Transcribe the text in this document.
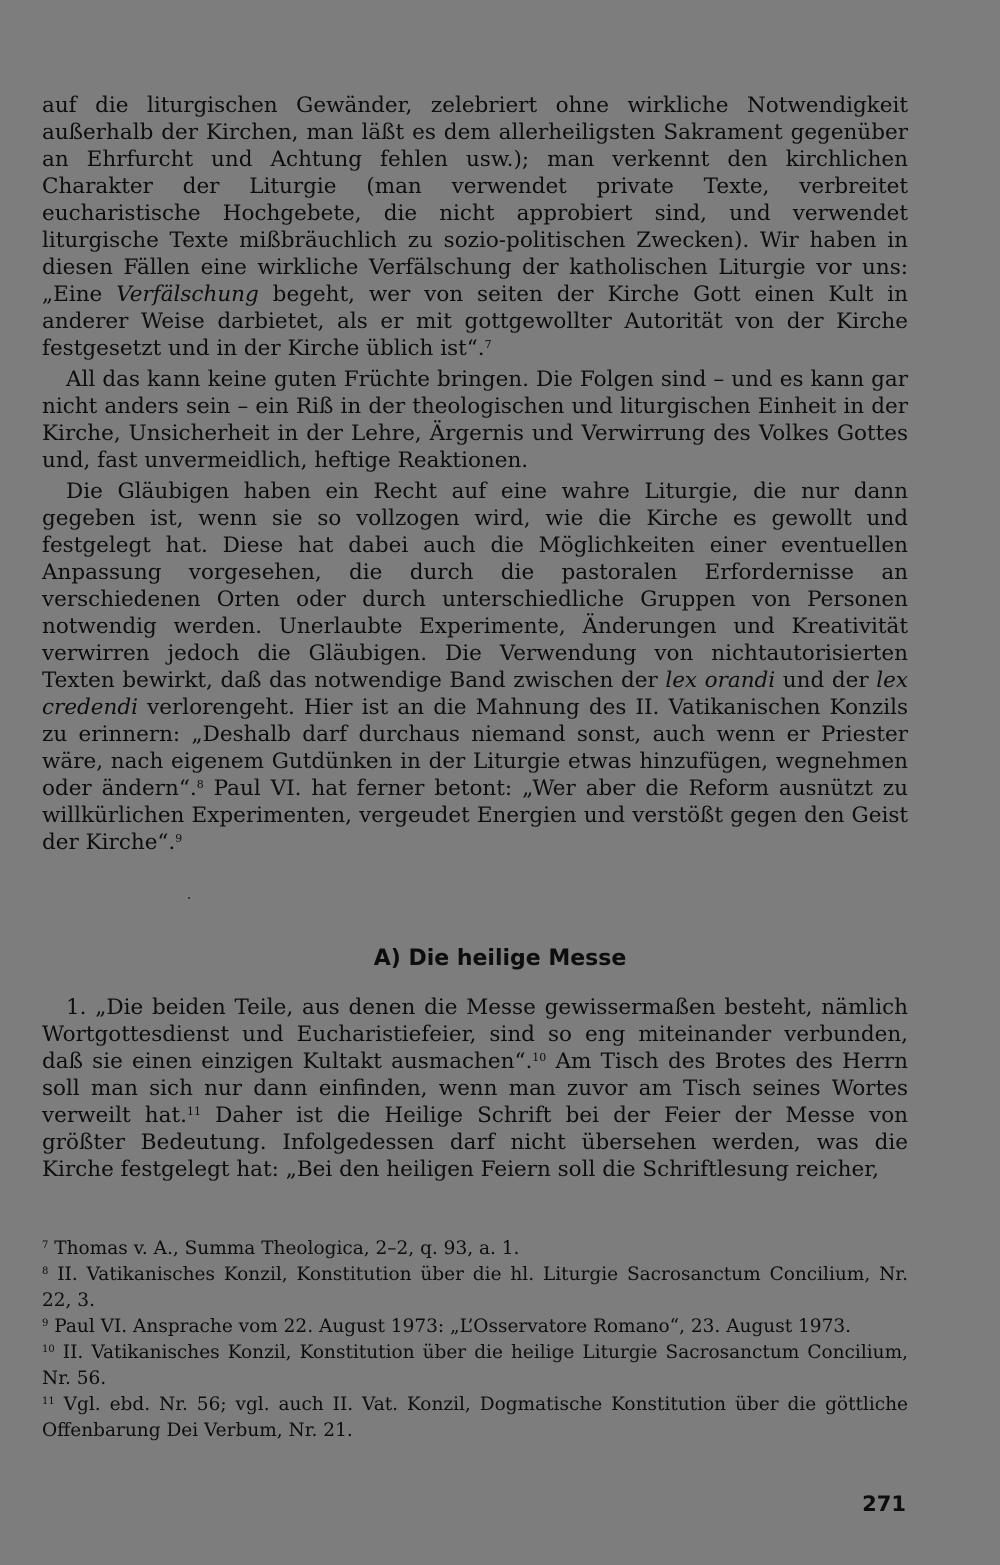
auf die liturgischen Gewänder, zelebriert ohne wirkliche Notwendigkeit außerhalb der Kirchen, man läßt es dem allerheiligsten Sakrament gegenüber an Ehrfurcht und Achtung fehlen usw.); man verkennt den kirchlichen Charakter der Liturgie (man verwendet private Texte, verbreitet eucharistische Hochgebete, die nicht approbiert sind, und verwendet liturgische Texte mißbräuchlich zu sozio-politischen Zwecken). Wir haben in diesen Fällen eine wirkliche Verfälschung der katholischen Liturgie vor uns: „Eine Verfälschung begeht, wer von seiten der Kirche Gott einen Kult in anderer Weise darbietet, als er mit gottgewollter Autorität von der Kirche festgesetzt und in der Kirche üblich ist“.$^7$

All das kann keine guten Früchte bringen. Die Folgen sind – und es kann gar nicht anders sein – ein Riß in der theologischen und liturgischen Einheit in der Kirche, Unsicherheit in der Lehre, Ärgernis und Verwirrung des Volkes Gottes und, fast unvermeidlich, heftige Reaktionen.

Die Gläubigen haben ein Recht auf eine wahre Liturgie, die nur dann gegeben ist, wenn sie so vollzogen wird, wie die Kirche es gewollt und festgelegt hat. Diese hat dabei auch die Möglichkeiten einer eventuellen Anpassung vorgesehen, die durch die pastoralen Erfordernisse an verschiedenen Orten oder durch unterschiedliche Gruppen von Personen notwendig werden. Unerlaubte Experimente, Änderungen und Kreativität verwirren jedoch die Gläubigen. Die Verwendung von nichtautorisierten Texten bewirkt, daß das notwendige Band zwischen der lex orandi und der lex credendi verlorengeht. Hier ist an die Mahnung des II. Vatikanischen Konzils zu erinnern: „Deshalb darf durchaus niemand sonst, auch wenn er Priester wäre, nach eigenem Gutdünken in der Liturgie etwas hinzufügen, wegnehmen oder ändern“.$^8$ Paul VI. hat ferner betont: „Wer aber die Reform ausnützt zu willkürlichen Experimenten, vergeudet Energien und verstößt gegen den Geist der Kirche“.$^9$

A) Die heilige Messe

1. „Die beiden Teile, aus denen die Messe gewissermaßen besteht, nämlich Wortgottesdienst und Eucharistiefeier, sind so eng miteinander verbunden, daß sie einen einzigen Kultakt ausmachen“.$^{10}$ Am Tisch des Brotes des Herrn soll man sich nur dann einfinden, wenn man zuvor am Tisch seines Wortes verweilt hat.$^{11}$ Daher ist die Heilige Schrift bei der Feier der Messe von größter Bedeutung. Infolgedessen darf nicht übersehen werden, was die Kirche festgelegt hat: „Bei den heiligen Feiern soll die Schriftlesung reicher,

$^7$ Thomas v. A., Summa Theologica, 2–2, q. 93, a. 1.

$^8$ II. Vatikanisches Konzil, Konstitution über die hl. Liturgie Sacrosanctum Concilium, Nr. 22, 3.

$^9$ Paul VI. Ansprache vom 22. August 1973: „L’Osservatore Romano“, 23. August 1973.

$^{10}$ II. Vatikanisches Konzil, Konstitution über die heilige Liturgie Sacrosanctum Concilium, Nr. 56.

$^{11}$ Vgl. ebd. Nr. 56; vgl. auch II. Vat. Konzil, Dogmatische Konstitution über die göttliche Offenbarung Dei Verbum, Nr. 21.

271
